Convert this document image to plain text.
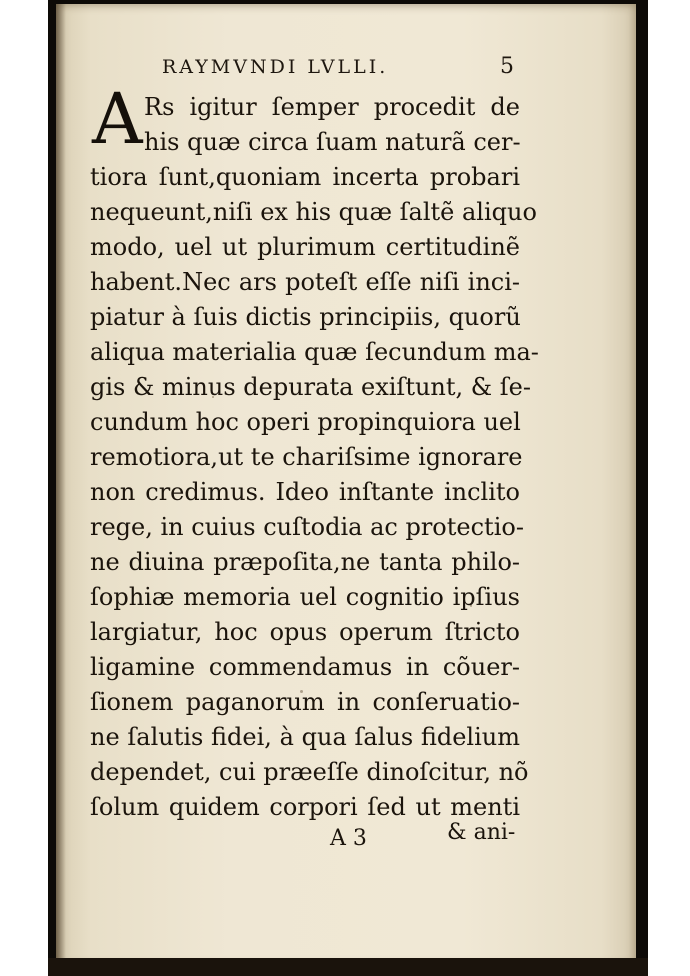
RAYMVNDI LVLLI.	5
A Rs igitur ſemper procedit de
his quæ circa ſuam naturã cer-
tiora ſunt,quoniam incerta probari
nequeunt,niſi ex his quæ ſaltẽ aliquo
modo, uel ut plurimum certitudinẽ
habent.Nec ars poteſt eſſe niſi inci-
piatur à ſuis dictis principiis, quorũ
aliqua materialia quæ ſecundum ma-
gis & minus depurata exiſtunt, & ſe-
cundum hoc operi propinquiora uel
remotiora,ut te chariſsime ignorare
non credimus. Ideo inſtante inclito
rege, in cuius cuſtodia ac protectio-
ne diuina præpoſita,ne tanta philo-
ſophiæ memoria uel cognitio ipſius
largiatur, hoc opus operum ſtricto
ligamine commendamus in cõuer-
ſionem paganorum in conſeruatio-
ne ſalutis fidei, à qua ſalus fidelium
dependet, cui præeſſe dinoſcitur, nõ
ſolum quidem corpori ſed ut menti
A 3	& ani-
